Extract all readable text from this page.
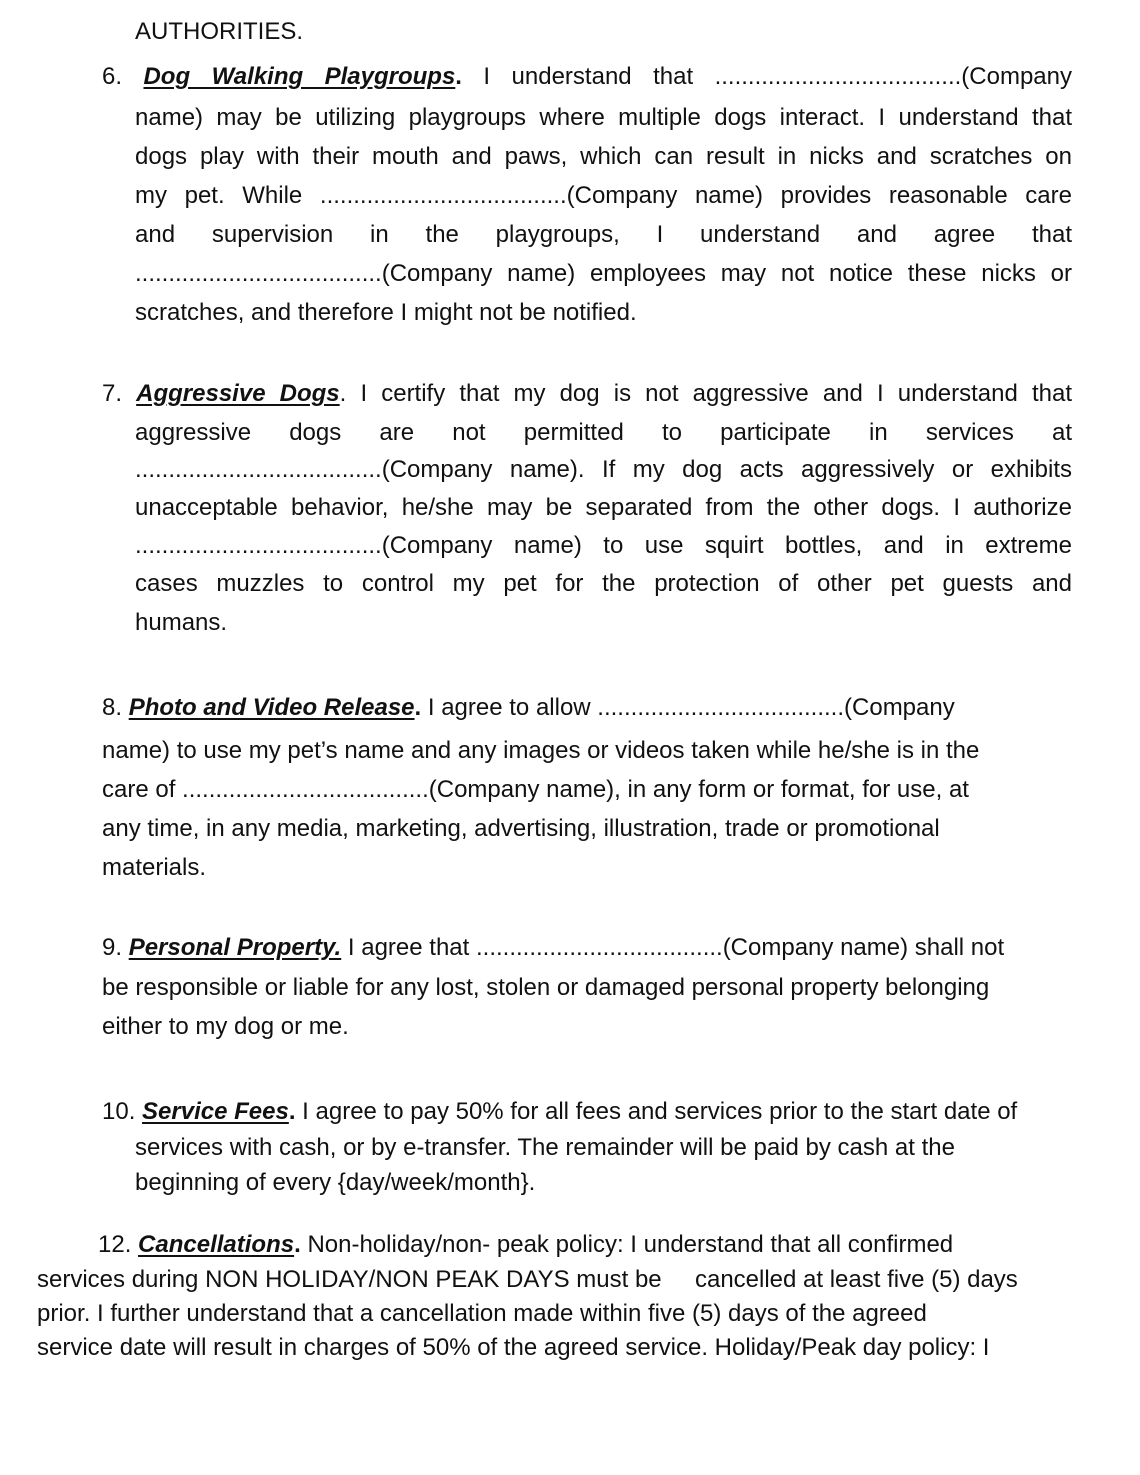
AUTHORITIES.
6. Dog Walking Playgroups. I understand that .....................................(Company
name) may be utilizing playgroups where multiple dogs interact. I understand that
dogs play with their mouth and paws, which can result in nicks and scratches on
my pet. While .....................................(Company name) provides reasonable care
and supervision in the playgroups, I understand and agree that
.....................................(Company name) employees may not notice these nicks or
scratches, and therefore I might not be notified.
7. Aggressive Dogs. I certify that my dog is not aggressive and I understand that
aggressive dogs are not permitted to participate in services at
.....................................(Company name). If my dog acts aggressively or exhibits
unacceptable behavior, he/she may be separated from the other dogs. I authorize
.....................................(Company name) to use squirt bottles, and in extreme
cases muzzles to control my pet for the protection of other pet guests and
humans.
8. Photo and Video Release. I agree to allow .....................................(Company
name) to use my pet’s name and any images or videos taken while he/she is in the
care of .....................................(Company name), in any form or format, for use, at
any time, in any media, marketing, advertising, illustration, trade or promotional
materials.
9. Personal Property. I agree that .....................................(Company name) shall not
be responsible or liable for any lost, stolen or damaged personal property belonging
either to my dog or me.
10. Service Fees. I agree to pay 50% for all fees and services prior to the start date of
services with cash, or by e-transfer. The remainder will be paid by cash at the
beginning of every {day/week/month}.
12. Cancellations. Non-holiday/non- peak policy: I understand that all confirmed
services during NON HOLIDAY/NON PEAK DAYS must be     cancelled at least five (5) days
prior. I further understand that a cancellation made within five (5) days of the agreed
service date will result in charges of 50% of the agreed service. Holiday/Peak day policy: I
